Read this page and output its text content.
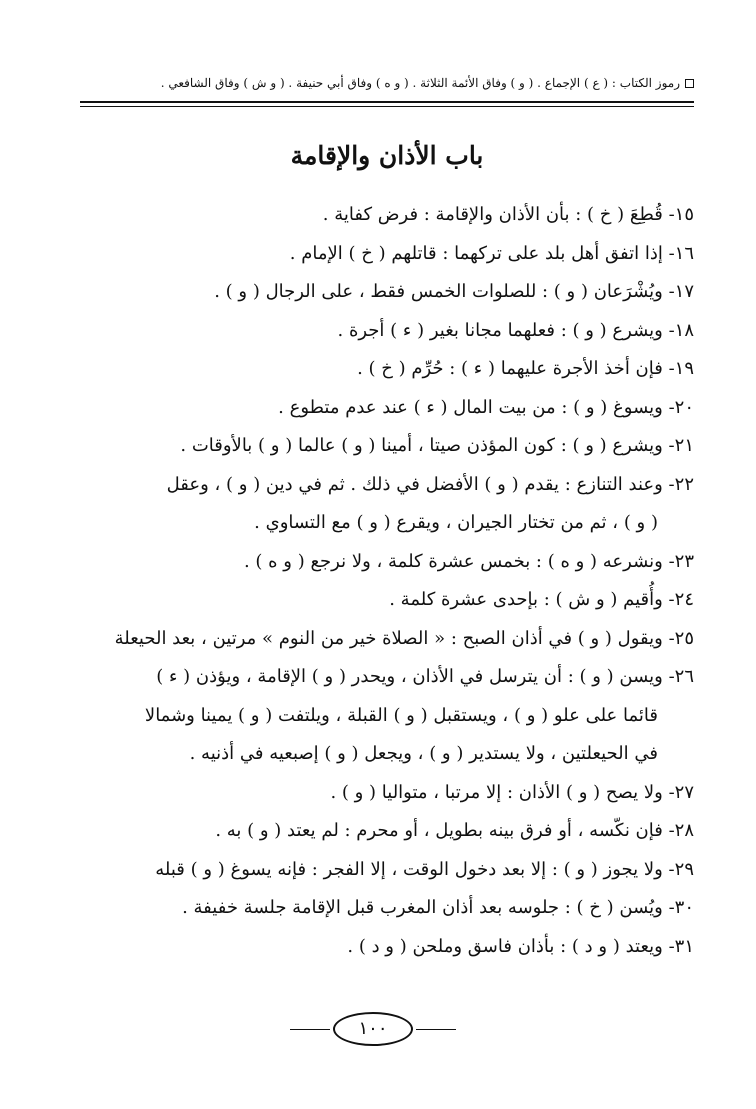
رموز الكتاب : ( ع ) الإجماع . ( و ) وفاق الأئمة الثلاثة . ( و ه ) وفاق أبي حنيفة . ( و ش ) وفاق الشافعي .
باب الأذان والإقامة
١٥- قُطِعَ ( خ ) : بأن الأذان والإقامة : فرض كفاية .
١٦- إذا اتفق أهل بلد على تركهما : قاتلهم ( خ ) الإمام .
١٧- ويُشْرَعان ( و ) : للصلوات الخمس فقط ، على الرجال ( و ) .
١٨- ويشرع ( و ) : فعلهما مجانا بغير ( ء ) أجرة .
١٩- فإن أخذ الأجرة عليهما ( ء ) : حُرِّم ( خ ) .
٢٠- ويسوغ ( و ) : من بيت المال ( ء ) عند عدم متطوع .
٢١- ويشرع ( و ) : كون المؤذن صيتا ، أمينا ( و ) عالما ( و ) بالأوقات .
٢٢- وعند التنازع : يقدم ( و ) الأفضل في ذلك . ثم في دين ( و ) ، وعقل
( و ) ، ثم من تختار الجيران ، ويقرع ( و ) مع التساوي .
٢٣- ونشرعه ( و ه ) : بخمس عشرة كلمة ، ولا نرجع ( و ه ) .
٢٤- وأُقيم ( و ش ) : بإحدى عشرة كلمة .
٢٥- ويقول ( و ) في أذان الصبح : « الصلاة خير من النوم » مرتين ، بعد الحيعلة
٢٦- ويسن ( و ) : أن يترسل في الأذان ، ويحدر ( و ) الإقامة ، ويؤذن ( ء )
قائما على علو ( و ) ، ويستقبل ( و ) القبلة ، ويلتفت ( و ) يمينا وشمالا
في الحيعلتين ، ولا يستدير ( و ) ، ويجعل ( و ) إصبعيه في أذنيه .
٢٧- ولا يصح ( و ) الأذان : إلا مرتبا ، متواليا ( و ) .
٢٨- فإن نكّسه ، أو فرق بينه بطويل ، أو محرم : لم يعتد ( و ) به .
٢٩- ولا يجوز ( و ) : إلا بعد دخول الوقت ، إلا الفجر : فإنه يسوغ ( و ) قبله
٣٠- ويُسن ( خ ) : جلوسه بعد أذان المغرب قبل الإقامة جلسة خفيفة .
٣١- ويعتد ( و د ) : بأذان فاسق وملحن ( و د ) .
١٠٠
